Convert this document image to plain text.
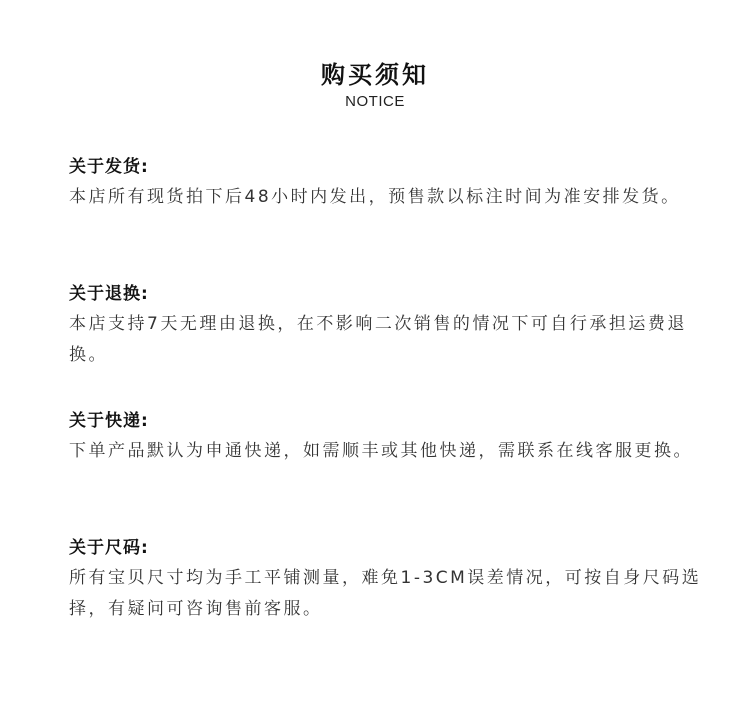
购买须知
NOTICE
关于发货:
本店所有现货拍下后48小时内发出，预售款以标注时间为准安排发货。
关于退换:
本店支持7天无理由退换，在不影响二次销售的情况下可自行承担运费退换。
关于快递:
下单产品默认为申通快递，如需顺丰或其他快递，需联系在线客服更换。
关于尺码:
所有宝贝尺寸均为手工平铺测量，难免1-3CM误差情况，可按自身尺码选择，有疑问可咨询售前客服。
